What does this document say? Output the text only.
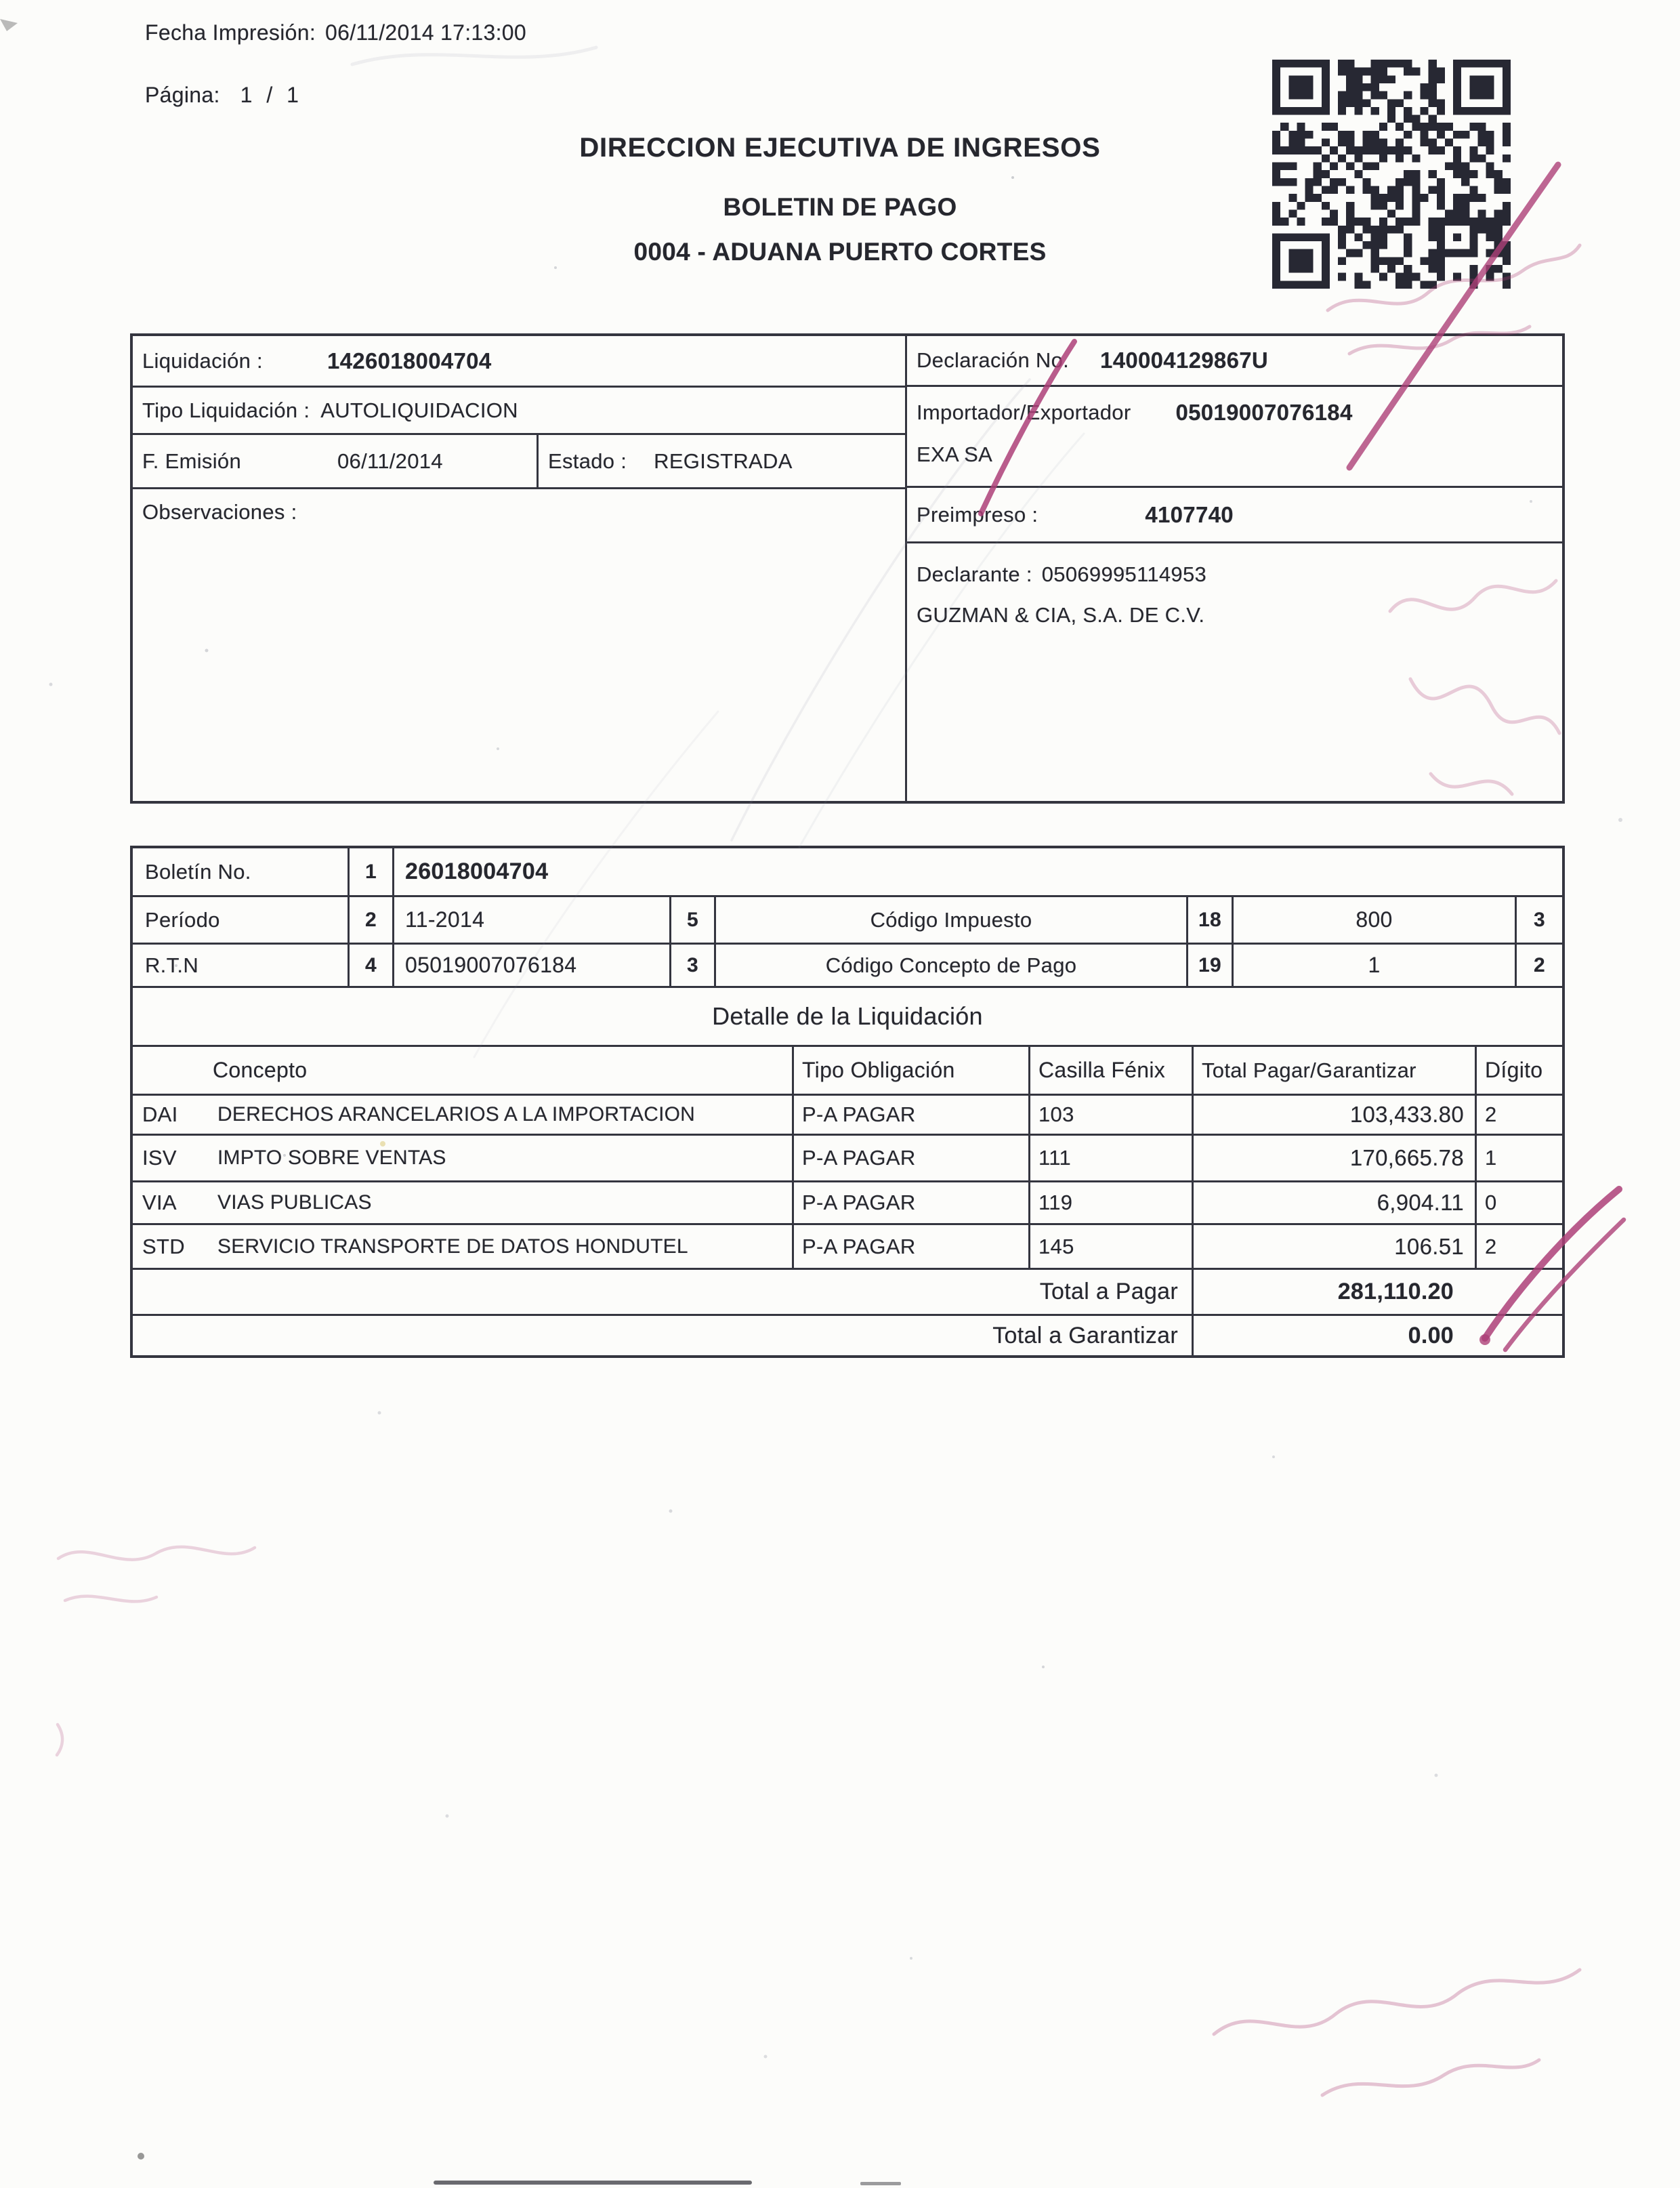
Fecha Impresión: 06/11/2014 17:13:00
Página: 1 / 1
DIRECCION EJECUTIVA DE INGRESOS
BOLETIN DE PAGO
0004 - ADUANA PUERTO CORTES
Liquidación :	1426018004704
Tipo Liquidación : AUTOLIQUIDACION
F. Emisión	06/11/2014	Estado : REGISTRADA
Observaciones :
Declaración No. 140004129867U
Importador/Exportador 05019007076184
EXA SA
Preimpreso :	4107740
Declarante : 05069995114953
GUZMAN & CIA, S.A. DE C.V.
Boletín No.	1	26018004704
Período	2	11-2014	5	Código Impuesto	18	800	3
R.T.N	4	05019007076184	3	Código Concepto de Pago	19	1	2
Detalle de la Liquidación
Concepto	Tipo Obligación	Casilla Fénix	Total Pagar/Garantizar	Dígito
DAI	DERECHOS ARANCELARIOS A LA IMPORTACION	P-A PAGAR	103	103,433.80	2
ISV	IMPTO SOBRE VENTAS	P-A PAGAR	111	170,665.78	1
VIA	VIAS PUBLICAS	P-A PAGAR	119	6,904.11	0
STD	SERVICIO TRANSPORTE DE DATOS HONDUTEL	P-A PAGAR	145	106.51	2
Total a Pagar	281,110.20
Total a Garantizar	0.00
